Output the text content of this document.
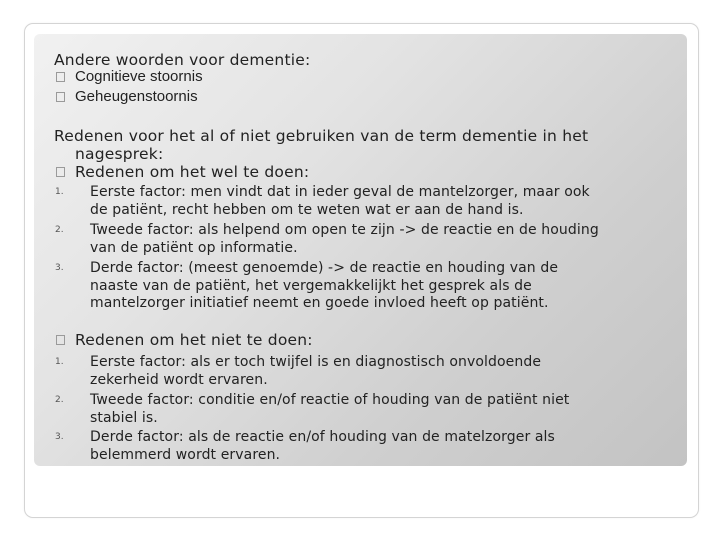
Andere woorden voor dementie:
Cognitieve stoornis
Geheugenstoornis
Redenen voor het al of niet gebruiken van de term dementie in het
nagesprek:
Redenen om het wel te doen:
1. Eerste factor: men vindt dat in ieder geval de mantelzorger, maar ook
de patiënt, recht hebben om te weten wat er aan de hand is.
2. Tweede factor: als helpend om open te zijn -> de reactie en de houding
van de patiënt op informatie.
3. Derde factor: (meest genoemde) -> de reactie en houding van de
naaste van de patiënt, het vergemakkelijkt het gesprek als de
mantelzorger initiatief neemt en goede invloed heeft op patiënt.
Redenen om het niet te doen:
1. Eerste factor: als er toch twijfel is en diagnostisch onvoldoende
zekerheid wordt ervaren.
2. Tweede factor: conditie en/of reactie of houding van de patiënt niet
stabiel is.
3. Derde factor: als de reactie en/of houding van de matelzorger als
belemmerd wordt ervaren.
